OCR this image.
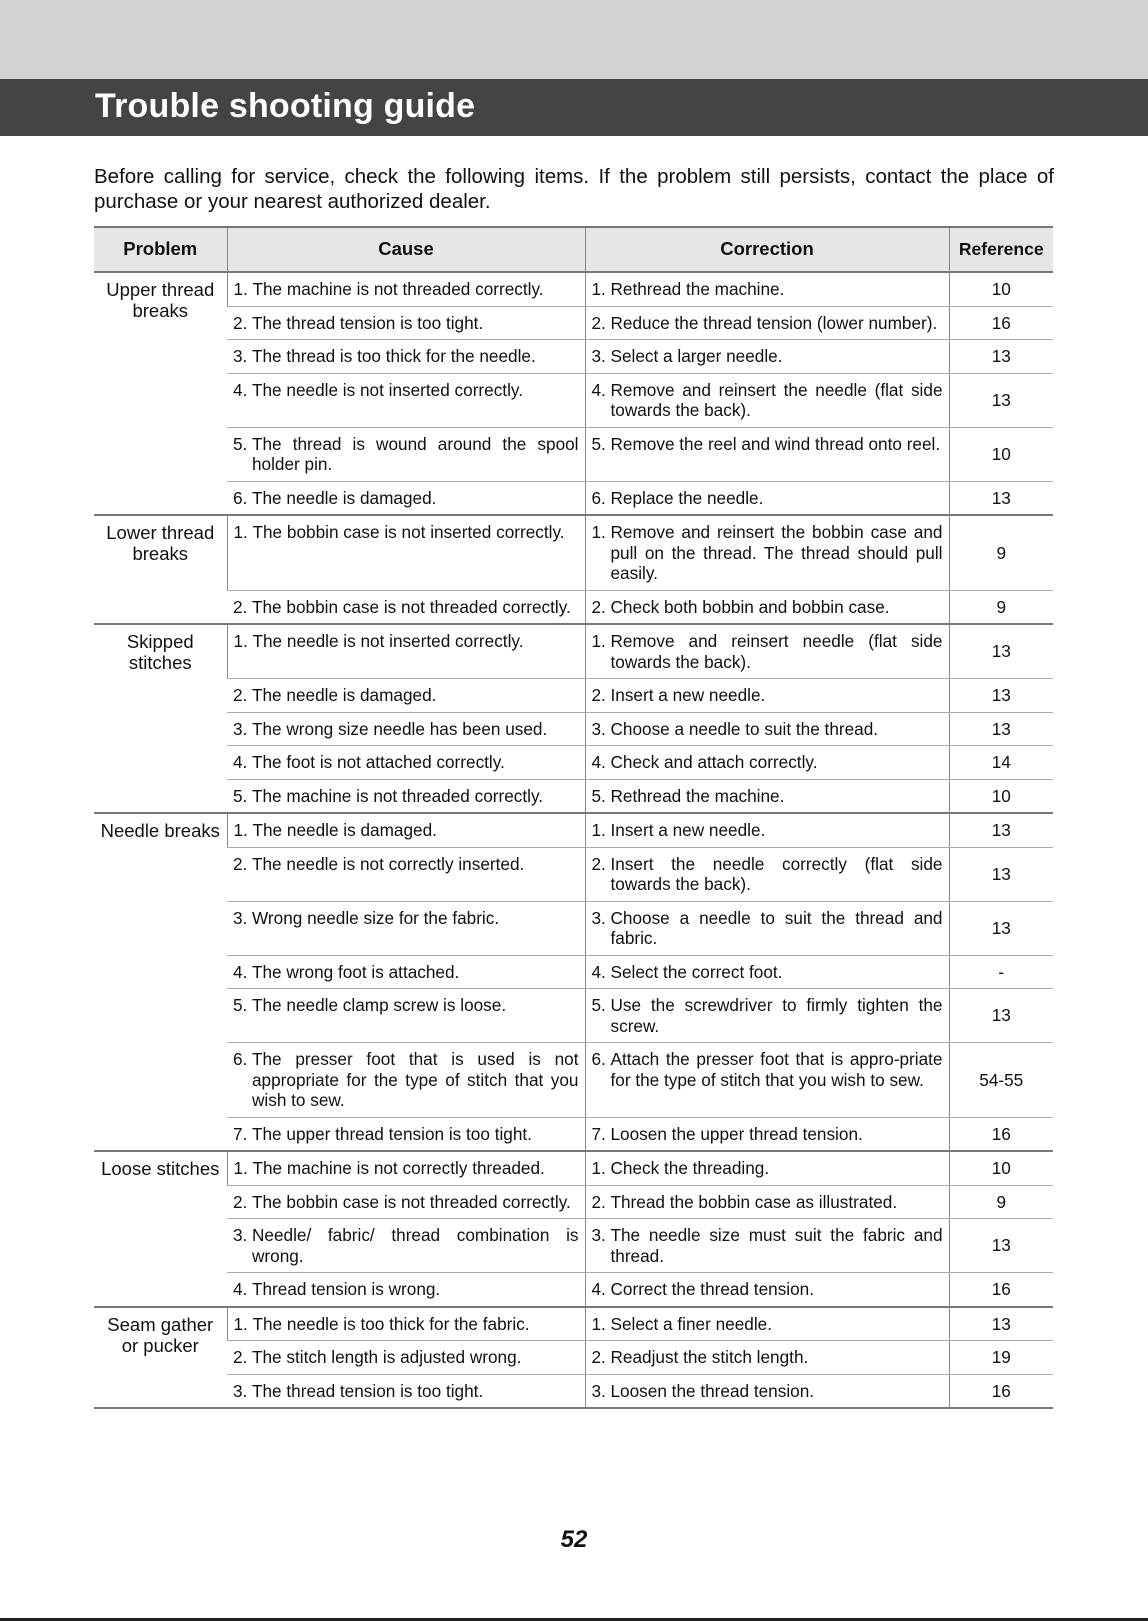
Trouble shooting guide
Before calling for service, check the following items. If the problem still persists, contact the place of purchase or your nearest authorized dealer.
Problem	Cause	Correction	Reference
Upper thread breaks	1. The machine is not threaded correctly.	1. Rethread the machine.	10

	2. The thread tension is too tight.	2. Reduce the thread tension (lower number).	16

	3. The thread is too thick for the needle.	3. Select a larger needle.	13

	4. The needle is not inserted correctly.	4. Remove and reinsert the needle (flat side towards the back).	13

	5. The thread is wound around the spool holder pin.	5. Remove the reel and wind thread onto reel.	10

	6. The needle is damaged.	6. Replace the needle.	13
Lower thread breaks	1. The bobbin case is not inserted correctly.	1. Remove and reinsert the bobbin case and pull on the thread. The thread should pull easily.	9

	2. The bobbin case is not threaded correctly.	2. Check both bobbin and bobbin case.	9
Skipped stitches	1. The needle is not inserted correctly.	1. Remove and reinsert needle (flat side towards the back).	13

	2. The needle is damaged.	2. Insert a new needle.	13

	3. The wrong size needle has been used.	3. Choose a needle to suit the thread.	13

	4. The foot is not attached correctly.	4. Check and attach correctly.	14

	5. The machine is not threaded correctly.	5. Rethread the machine.	10
Needle breaks	1. The needle is damaged.	1. Insert a new needle.	13

	2. The needle is not correctly inserted.	2. Insert the needle correctly (flat side towards the back).	13

	3. Wrong needle size for the fabric.	3. Choose a needle to suit the thread and fabric.	13

	4. The wrong foot is attached.	4. Select the correct foot.	-

	5. The needle clamp screw is loose.	5. Use the screwdriver to firmly tighten the screw.	13

	6. The presser foot that is used is not appropriate for the type of stitch that you wish to sew.	6. Attach the presser foot that is appro-priate for the type of stitch that you wish to sew.	54-55

	7. The upper thread tension is too tight.	7. Loosen the upper thread tension.	16
Loose stitches	1. The machine is not correctly threaded.	1. Check the threading.	10

	2. The bobbin case is not threaded correctly.	2. Thread the bobbin case as illustrated.	9

	3. Needle/ fabric/ thread combination is wrong.	3. The needle size must suit the fabric and thread.	13

	4. Thread tension is wrong.	4. Correct the thread tension.	16
Seam gather or pucker	1. The needle is too thick for the fabric.	1. Select a finer needle.	13

	2. The stitch length is adjusted wrong.	2. Readjust the stitch length.	19

	3. The thread tension is too tight.	3. Loosen the thread tension.	16
52
